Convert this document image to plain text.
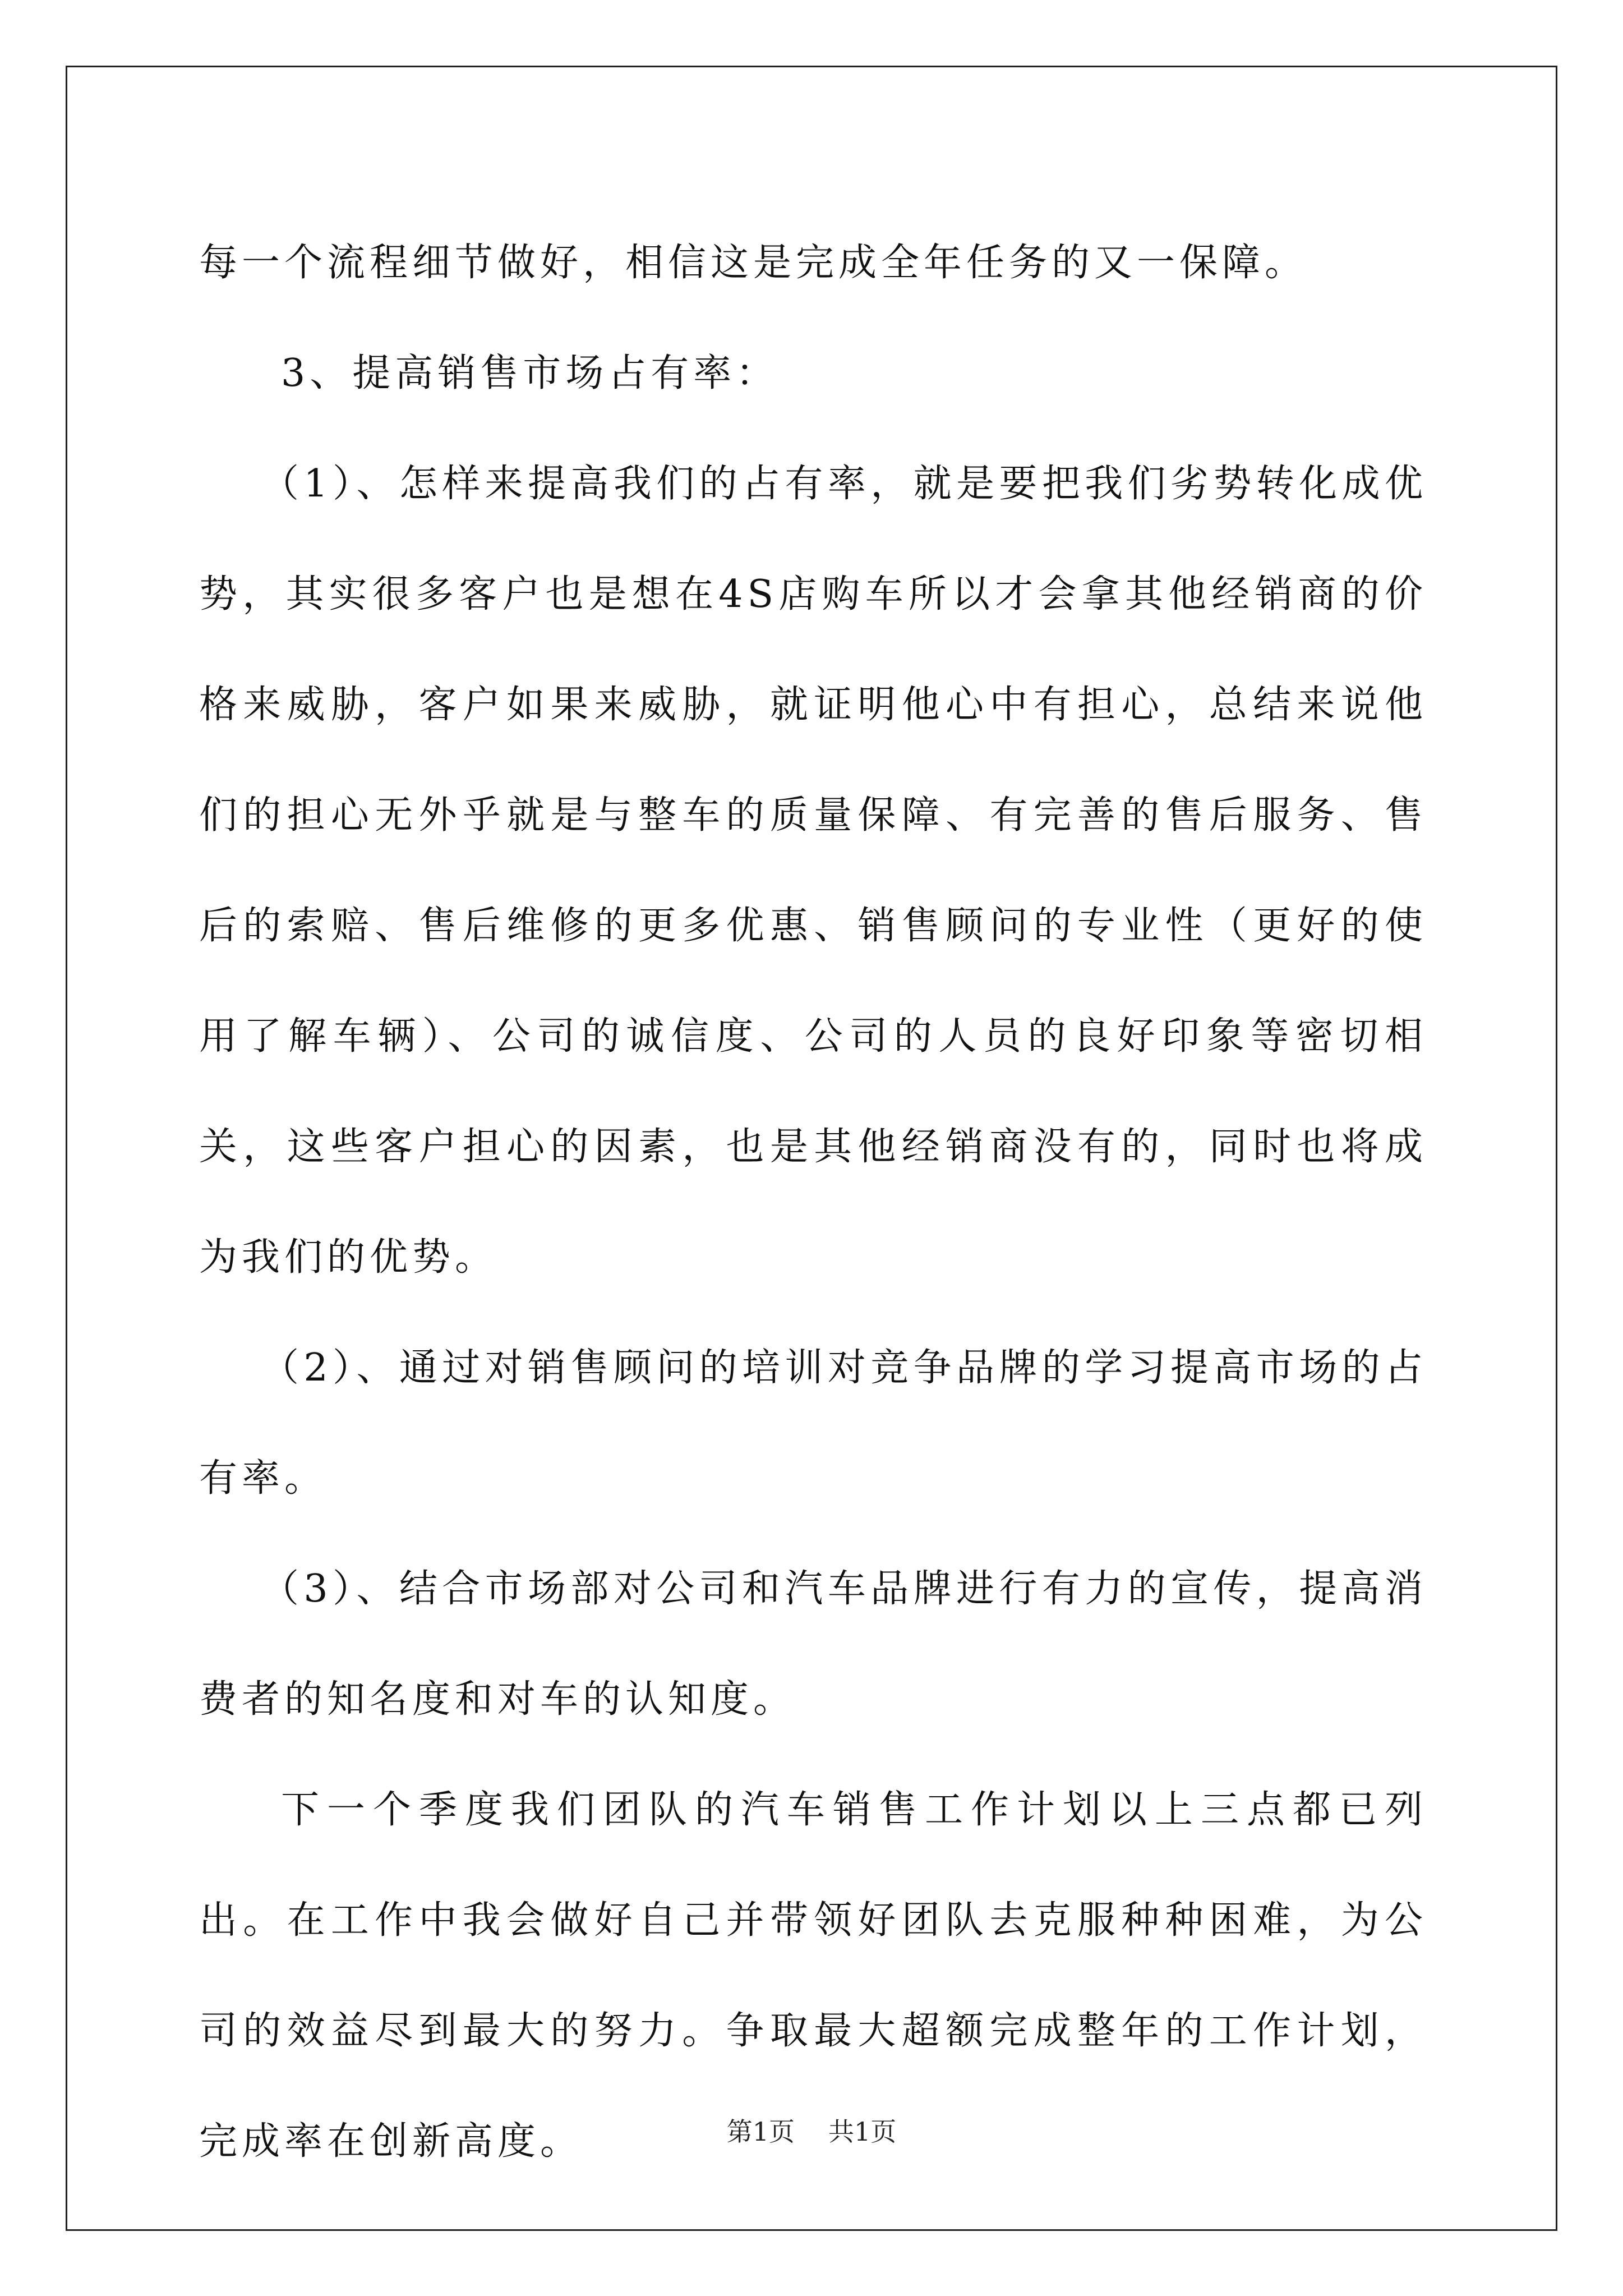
每一个流程细节做好，相信这是完成全年任务的又一保障。

3、提高销售市场占有率：

（1）、怎样来提高我们的占有率，就是要把我们劣势转化成优势，其实很多客户也是想在4S店购车所以才会拿其他经销商的价格来威胁，客户如果来威胁，就证明他心中有担心，总结来说他们的担心无外乎就是与整车的质量保障、有完善的售后服务、售后的索赔、售后维修的更多优惠、销售顾问的专业性（更好的使用了解车辆）、公司的诚信度、公司的人员的良好印象等密切相关，这些客户担心的因素，也是其他经销商没有的，同时也将成为我们的优势。

（2）、通过对销售顾问的培训对竞争品牌的学习提高市场的占有率。

（3）、结合市场部对公司和汽车品牌进行有力的宣传，提高消费者的知名度和对车的认知度。

下一个季度我们团队的汽车销售工作计划以上三点都已列出。在工作中我会做好自己并带领好团队去克服种种困难，为公司的效益尽到最大的努力。争取最大超额完成整年的工作计划，完成率在创新高度。	第1页 共1页
